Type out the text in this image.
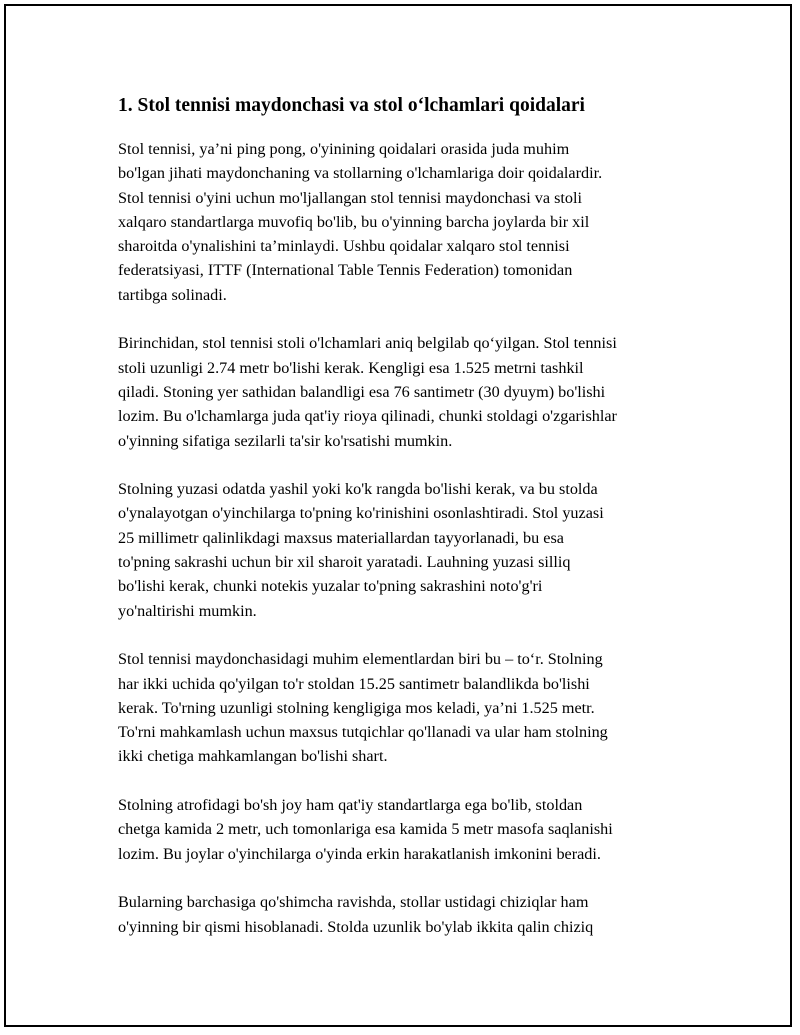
1. Stol tennisi maydonchasi va stol o‘lchamlari qoidalari

Stol tennisi, ya’ni ping pong, o'yinining qoidalari orasida juda muhim
bo'lgan jihati maydonchaning va stollarning o'lchamlariga doir qoidalardir.
Stol tennisi o'yini uchun mo'ljallangan stol tennisi maydonchasi va stoli
xalqaro standartlarga muvofiq bo'lib, bu o'yinning barcha joylarda bir xil
sharoitda o'ynalishini ta’minlaydi. Ushbu qoidalar xalqaro stol tennisi
federatsiyasi, ITTF (International Table Tennis Federation) tomonidan
tartibga solinadi.

Birinchidan, stol tennisi stoli o'lchamlari aniq belgilab qo‘yilgan. Stol tennisi
stoli uzunligi 2.74 metr bo'lishi kerak. Kengligi esa 1.525 metrni tashkil
qiladi. Stoning yer sathidan balandligi esa 76 santimetr (30 dyuym) bo'lishi
lozim. Bu o'lchamlarga juda qat'iy rioya qilinadi, chunki stoldagi o'zgarishlar
o'yinning sifatiga sezilarli ta'sir ko'rsatishi mumkin.

Stolning yuzasi odatda yashil yoki ko'k rangda bo'lishi kerak, va bu stolda
o'ynalayotgan o'yinchilarga to'pning ko'rinishini osonlashtiradi. Stol yuzasi
25 millimetr qalinlikdagi maxsus materiallardan tayyorlanadi, bu esa
to'pning sakrashi uchun bir xil sharoit yaratadi. Lauhning yuzasi silliq
bo'lishi kerak, chunki notekis yuzalar to'pning sakrashini noto'g'ri
yo'naltirishi mumkin.

Stol tennisi maydonchasidagi muhim elementlardan biri bu – to‘r. Stolning
har ikki uchida qo'yilgan to'r stoldan 15.25 santimetr balandlikda bo'lishi
kerak. To'rning uzunligi stolning kengligiga mos keladi, ya’ni 1.525 metr.
To'rni mahkamlash uchun maxsus tutqichlar qo'llanadi va ular ham stolning
ikki chetiga mahkamlangan bo'lishi shart.

Stolning atrofidagi bo'sh joy ham qat'iy standartlarga ega bo'lib, stoldan
chetga kamida 2 metr, uch tomonlariga esa kamida 5 metr masofa saqlanishi
lozim. Bu joylar o'yinchilarga o'yinda erkin harakatlanish imkonini beradi.

Bularning barchasiga qo'shimcha ravishda, stollar ustidagi chiziqlar ham
o'yinning bir qismi hisoblanadi. Stolda uzunlik bo'ylab ikkita qalin chiziq
